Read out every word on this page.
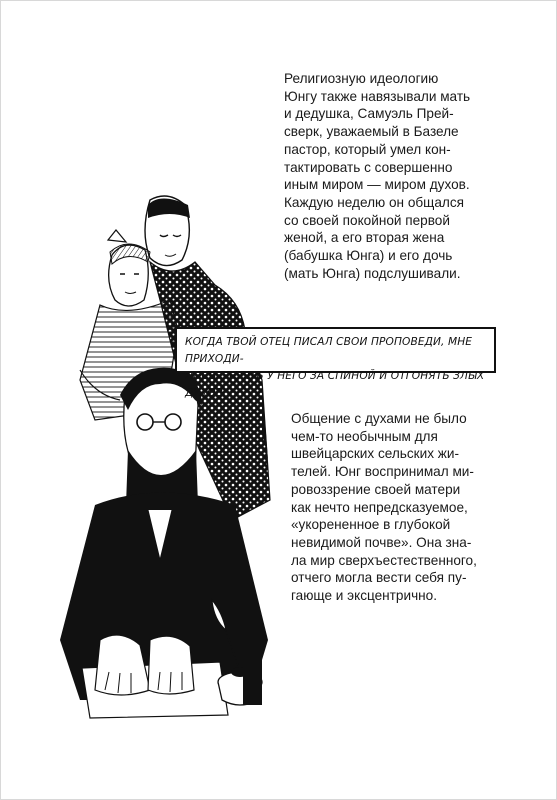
Религиозную идеологию
Юнгу также навязывали мать
и дедушка, Самуэль Прей-
сверк, уважаемый в Базеле
пастор, который умел кон-
тактировать с совершенно
иным миром — миром духов.
Каждую неделю он общался
со своей покойной первой
женой, а его вторая жена
(бабушка Юнга) и его дочь
(мать Юнга) подслушивали.
КОГДА ТВОЙ ОТЕЦ ПИСАЛ СВОИ ПРОПОВЕДИ, МНЕ ПРИХОДИ-
ЛОСЬ СТОЯТЬ У НЕГО ЗА СПИНОЙ И ОТГОНЯТЬ ЗЛЫХ ДУХОВ.
Общение с духами не было
чем-то необычным для
швейцарских сельских жи-
телей. Юнг воспринимал ми-
ровоззрение своей матери
как нечто непредсказуемое,
«укорененное в глубокой
невидимой почве». Она зна-
ла мир сверхъестественного,
отчего могла вести себя пу-
гающе и эксцентрично.
